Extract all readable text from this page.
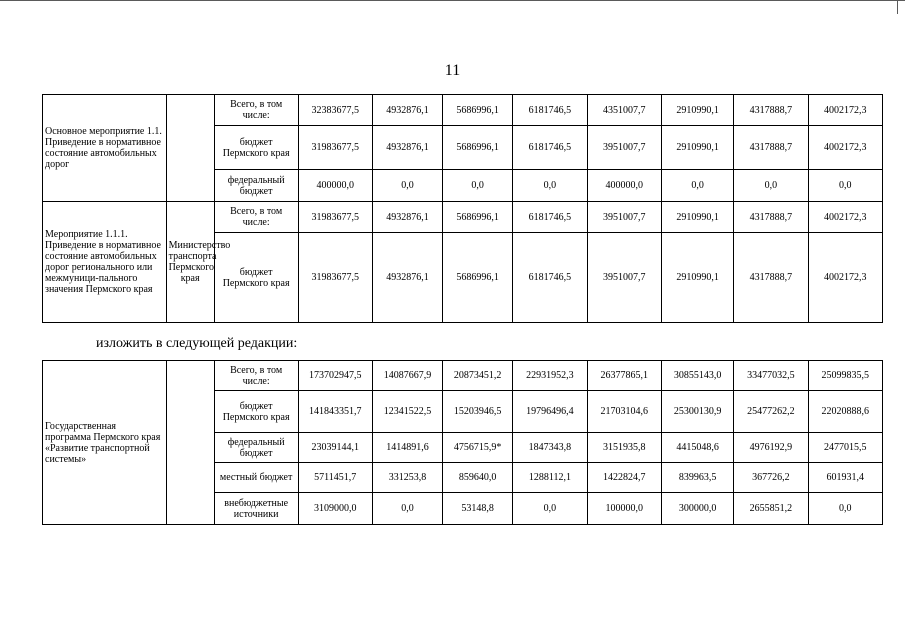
11
Основное мероприятие 1.1. Приведение в нормативное состояние автомобильных дорог		Всего, в том числе:	32383677,5	4932876,1	5686996,1	6181746,5	4351007,7	2910990,1	4317888,7	4002172,3
		бюджет Пермского края	31983677,5	4932876,1	5686996,1	6181746,5	3951007,7	2910990,1	4317888,7	4002172,3
		федеральный бюджет	400000,0	0,0	0,0	0,0	400000,0	0,0	0,0	0,0
Мероприятие 1.1.1. Приведение в нормативное состояние автомобильных дорог регионального или межмуници-пального значения Пермского края	Министерство транспорта Пермского края	Всего, в том числе:	31983677,5	4932876,1	5686996,1	6181746,5	3951007,7	2910990,1	4317888,7	4002172,3
		бюджет Пермского края	31983677,5	4932876,1	5686996,1	6181746,5	3951007,7	2910990,1	4317888,7	4002172,3
изложить в следующей редакции:
Государственная программа Пермского края «Развитие транспортной системы»		Всего, в том числе:	173702947,5	14087667,9	20873451,2	22931952,3	26377865,1	30855143,0	33477032,5	25099835,5
		бюджет Пермского края	141843351,7	12341522,5	15203946,5	19796496,4	21703104,6	25300130,9	25477262,2	22020888,6
		федеральный бюджет	23039144,1	1414891,6	4756715,9*	1847343,8	3151935,8	4415048,6	4976192,9	2477015,5
		местный бюджет	5711451,7	331253,8	859640,0	1288112,1	1422824,7	839963,5	367726,2	601931,4
		внебюджетные источники	3109000,0	0,0	53148,8	0,0	100000,0	300000,0	2655851,2	0,0
